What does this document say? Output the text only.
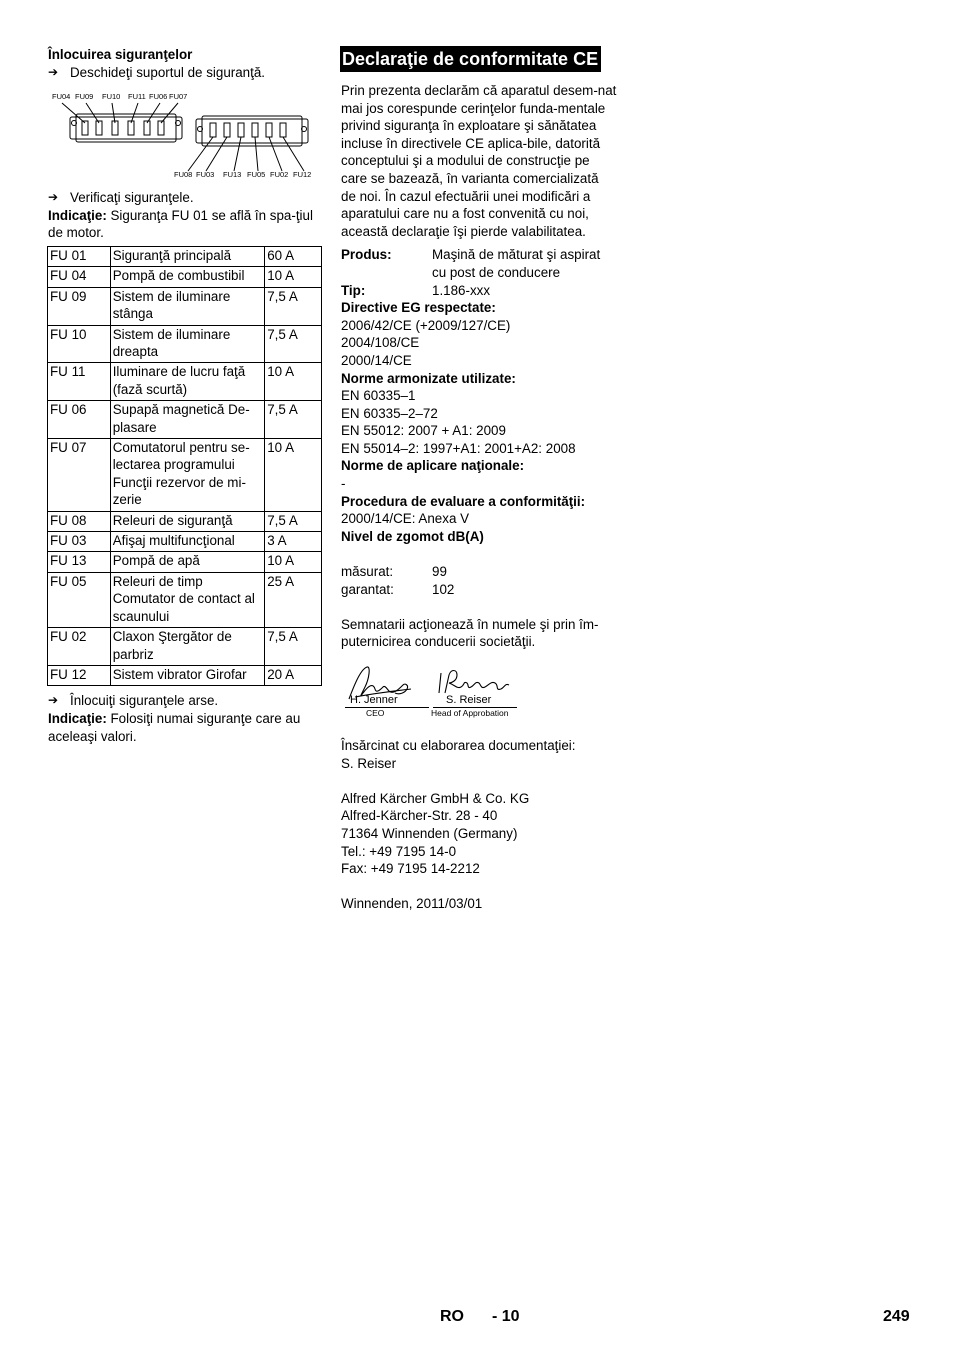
Înlocuirea siguranţelor

➔ Deschideţi suportul de siguranţă.
FU04 FU09 FU10 FU11 FU06 FU07
FU08 FU03 FU13 FU05 FU02 FU12
➔ Verificaţi siguranţele.

Indicaţie: Siguranţa FU 01 se află în spa-ţiul de motor.

FU 01	Siguranţă principală	60 A
FU 04	Pompă de combustibil	10 A
FU 09	Sistem de iluminare stânga	7,5 A
FU 10	Sistem de iluminare dreapta	7,5 A
FU 11	Iluminare de lucru faţă (fază scurtă)	10 A
FU 06	Supapă magnetică De-plasare	7,5 A
FU 07	Comutatorul pentru se-lectarea programului Funcţii rezervor de mi-zerie	10 A
FU 08	Releuri de siguranţă	7,5 A
FU 03	Afişaj multifuncţional	3 A
FU 13	Pompă de apă	10 A
FU 05	Releuri de timp Comutator de contact al scaunului	25 A
FU 02	Claxon Ştergător de parbriz	7,5 A
FU 12	Sistem vibrator Girofar	20 A
➔ Înlocuiţi siguranţele arse.

Indicaţie: Folosiţi numai siguranţe care au aceleaşi valori.

Declaraţie de conformitate CE

Prin prezenta declarăm că aparatul desem-nat mai jos corespunde cerinţelor funda-mentale privind siguranţa în exploatare şi sănătatea incluse în directivele CE aplica-bile, datorită conceptului şi a modului de construcţie pe care se bazează, în varianta comercializată de noi. În cazul efectuării unei modificări a aparatului care nu a fost convenită cu noi, această declaraţie îşi pierde valabilitatea.

Produs:	Maşină de măturat şi aspirat cu post de conducere
Tip:	1.186-xxx

Directive EG respectate:

2006/42/CE (+2009/127/CE)

2004/108/CE

2000/14/CE

Norme armonizate utilizate:

EN 60335–1

EN 60335–2–72

EN 55012: 2007 + A1: 2009

EN 55014–2: 1997+A1: 2001+A2: 2008

Norme de aplicare naţionale:

-

Procedura de evaluare a conformităţii:

2000/14/CE: Anexa V

Nivel de zgomot dB(A)

măsurat:	99
garantat:	102

Semnatarii acţionează în numele şi prin îm-puternicirea conducerii societăţii.

H. Jenner
CEO
S. Reiser
Head of Approbation

Însărcinat cu elaborarea documentaţiei:

S. Reiser

Alfred Kärcher GmbH & Co. KG

Alfred-Kärcher-Str. 28 - 40

71364 Winnenden (Germany)

Tel.: +49 7195 14-0

Fax: +49 7195 14-2212

Winnenden, 2011/03/01

RO - 10	249
